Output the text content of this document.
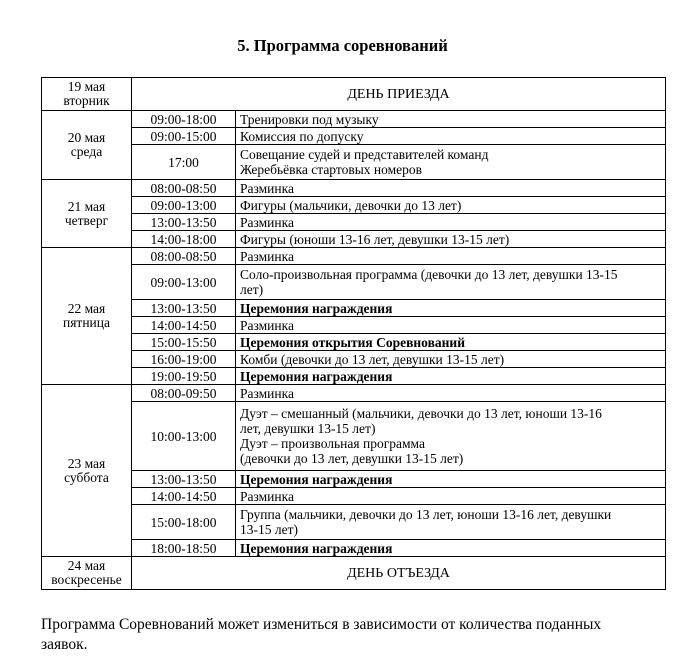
5. Программа соревнований
19 мая
вторник	ДЕНЬ ПРИЕЗДА	

20 мая
среда	09:00-18:00	Тренировки под музыку

	09:00-15:00	Комиссия по допуску

	17:00	Совещание судей и представителей команд
Жеребьёвка стартовых номеров

21 мая
четверг	08:00-08:50	Разминка

	09:00-13:00	Фигуры (мальчики, девочки до 13 лет)

	13:00-13:50	Разминка

	14:00-18:00	Фигуры (юноши 13-16 лет, девушки 13-15 лет)

22 мая
пятница	08:00-08:50	Разминка

	09:00-13:00	Соло-произвольная программа (девочки до 13 лет, девушки 13-15
лет)

	13:00-13:50	Церемония награждения

	14:00-14:50	Разминка

	15:00-15:50	Церемония открытия Соревнований

	16:00-19:00	Комби (девочки до 13 лет, девушки 13-15 лет)

	19:00-19:50	Церемония награждения

23 мая
суббота	08:00-09:50	Разминка

	10:00-13:00	Дуэт – смешанный (мальчики, девочки до 13 лет, юноши 13-16
лет, девушки 13-15 лет)
Дуэт – произвольная программа
(девочки до 13 лет, девушки 13-15 лет)

	13:00-13:50	Церемония награждения

	14:00-14:50	Разминка

	15:00-18:00	Группа (мальчики, девочки до 13 лет, юноши 13-16 лет, девушки
13-15 лет)

	18:00-18:50	Церемония награждения

24 мая
воскресенье	ДЕНЬ ОТЪЕЗДА	
Программа Соревнований может измениться в зависимости от количества поданных
заявок.
